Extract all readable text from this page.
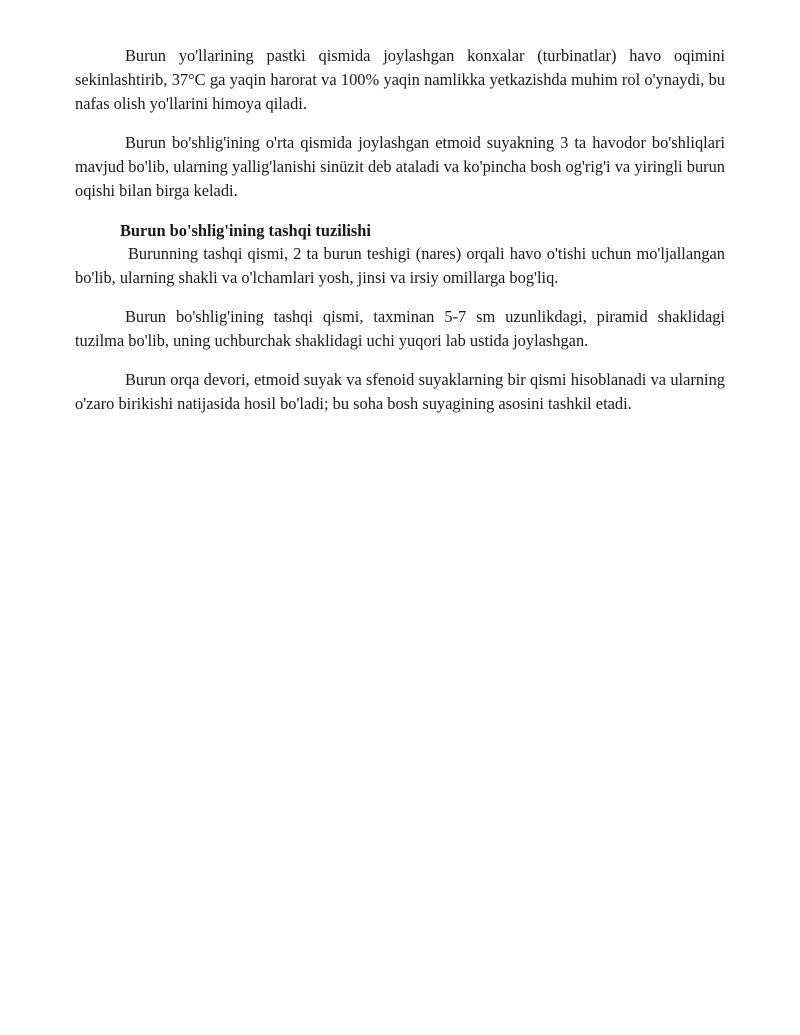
Burun yo'llarining pastki qismida joylashgan konxalar (turbinatlar) havo oqimini sekinlashtirib, 37°C ga yaqin harorat va 100% yaqin namlikka yetkazishda muhim rol o'ynaydi, bu nafas olish yo'llarini himoya qiladi.

Burun bo'shlig'ining o'rta qismida joylashgan etmoid suyakning 3 ta havodor bo'shliqlari mavjud bo'lib, ularning yallig'lanishi sinüzit deb ataladi va ko'pincha bosh og'rig'i va yiringli burun oqishi bilan birga keladi.

Burun bo'shlig'ining tashqi tuzilishi

Burunning tashqi qismi, 2 ta burun teshigi (nares) orqali havo o'tishi uchun mo'ljallangan bo'lib, ularning shakli va o'lchamlari yosh, jinsi va irsiy omillarga bog'liq.

Burun bo'shlig'ining tashqi qismi, taxminan 5-7 sm uzunlikdagi, piramid shaklidagi tuzilma bo'lib, uning uchburchak shaklidagi uchi yuqori lab ustida joylashgan.

Burun orqa devori, etmoid suyak va sfenoid suyaklarning bir qismi hisoblanadi va ularning o'zaro birikishi natijasida hosil bo'ladi; bu soha bosh suyagining asosini tashkil etadi.
